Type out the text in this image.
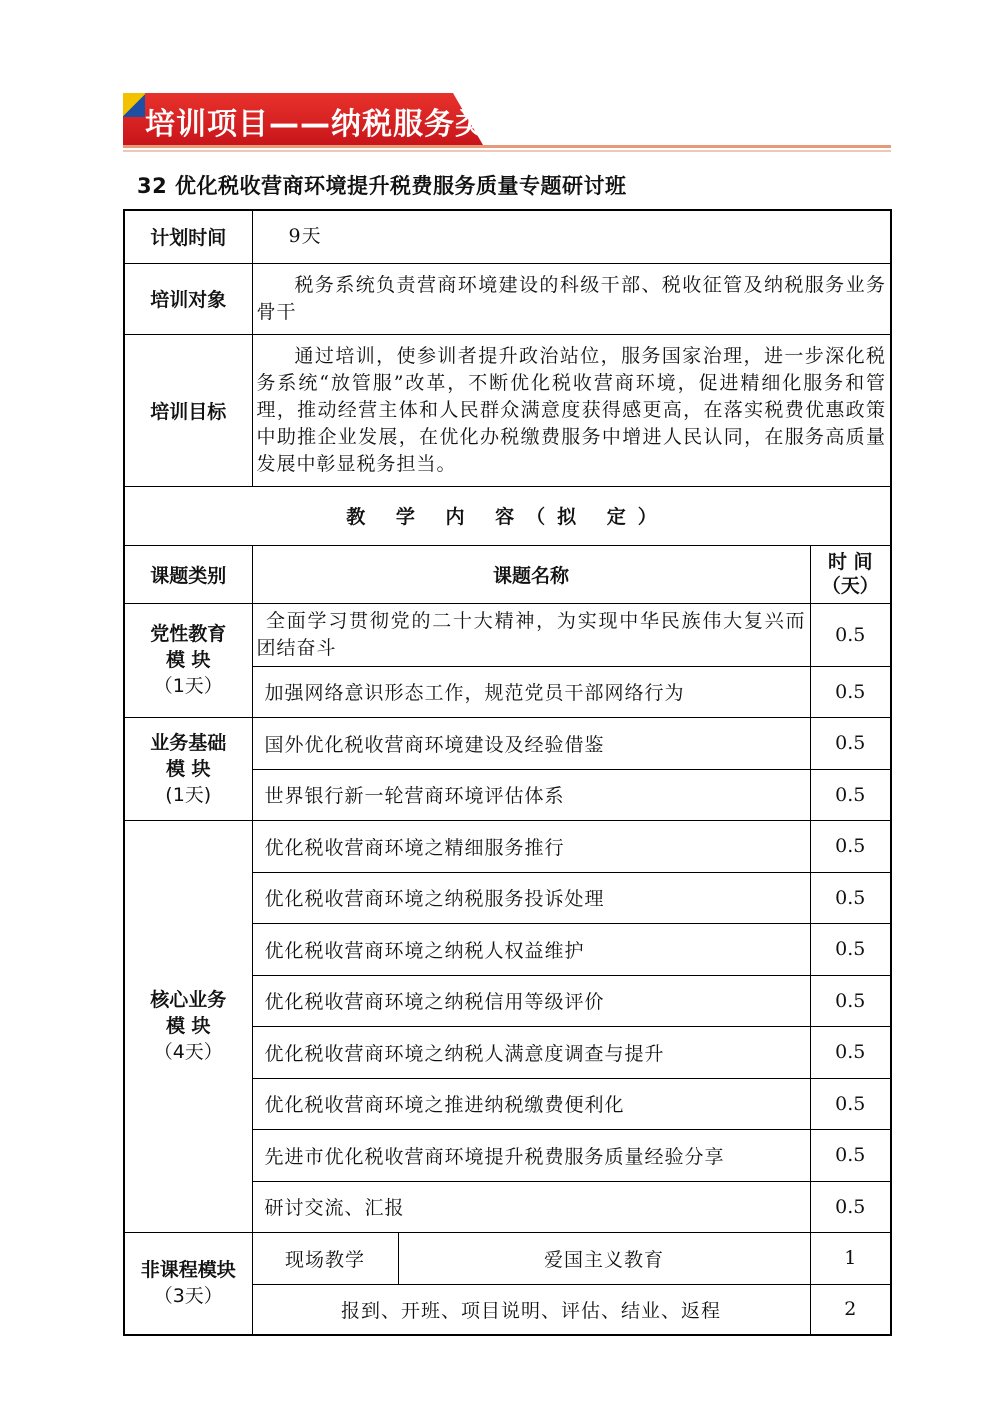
培训项目——纳税服务类
32 优化税收营商环境提升税费服务质量专题研讨班
计划时间	9天		
培训对象	税务系统负责营商环境建设的科级干部、税收征管及纳税服务业务骨干		
培训目标	通过培训，使参训者提升政治站位，服务国家治理，进一步深化税务系统“放管服”改革，不断优化税收营商环境，促进精细化服务和管理，推动经营主体和人民群众满意度获得感更高，在落实税费优惠政策中助推企业发展，在优化办税缴费服务中增进人民认同，在服务高质量发展中彰显税务担当。		
教 学 内 容（拟 定）			
课题类别	课题名称		时 间
（天）

党性教育
模 块
（1天）	全面学习贯彻党的二十大精神，为实现中华民族伟大复兴而团结奋斗		0.5
	加强网络意识形态工作，规范党员干部网络行为		0.5

业务基础
模 块
(1天)	国外优化税收营商环境建设及经验借鉴		0.5
	世界银行新一轮营商环境评估体系		0.5

核心业务
模 块
（4天）	优化税收营商环境之精细服务推行		0.5
	优化税收营商环境之纳税服务投诉处理		0.5
	优化税收营商环境之纳税人权益维护		0.5
	优化税收营商环境之纳税信用等级评价		0.5
	优化税收营商环境之纳税人满意度调查与提升		0.5
	优化税收营商环境之推进纳税缴费便利化		0.5
	先进市优化税收营商环境提升税费服务质量经验分享		0.5
	研讨交流、汇报		0.5

非课程模块
（3天）	现场教学	爱国主义教育	1
	报到、开班、项目说明、评估、结业、返程		2
